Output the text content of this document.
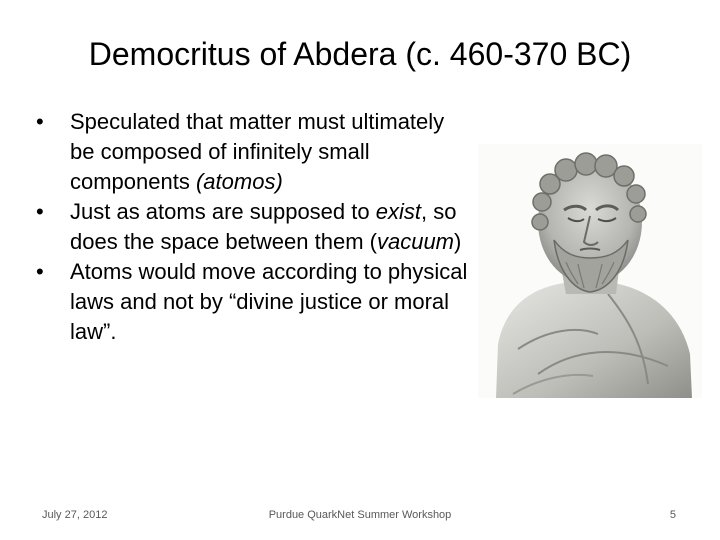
Democritus of Abdera (c. 460-370 BC)
•	Speculated that matter must ultimately be composed of infinitely small components (atomos)
•	Just as atoms are supposed to exist, so does the space between them (vacuum)
•	Atoms would move according to physical laws and not by “divine justice or moral law”.
July 27, 2012	Purdue QuarkNet Summer Workshop	5
